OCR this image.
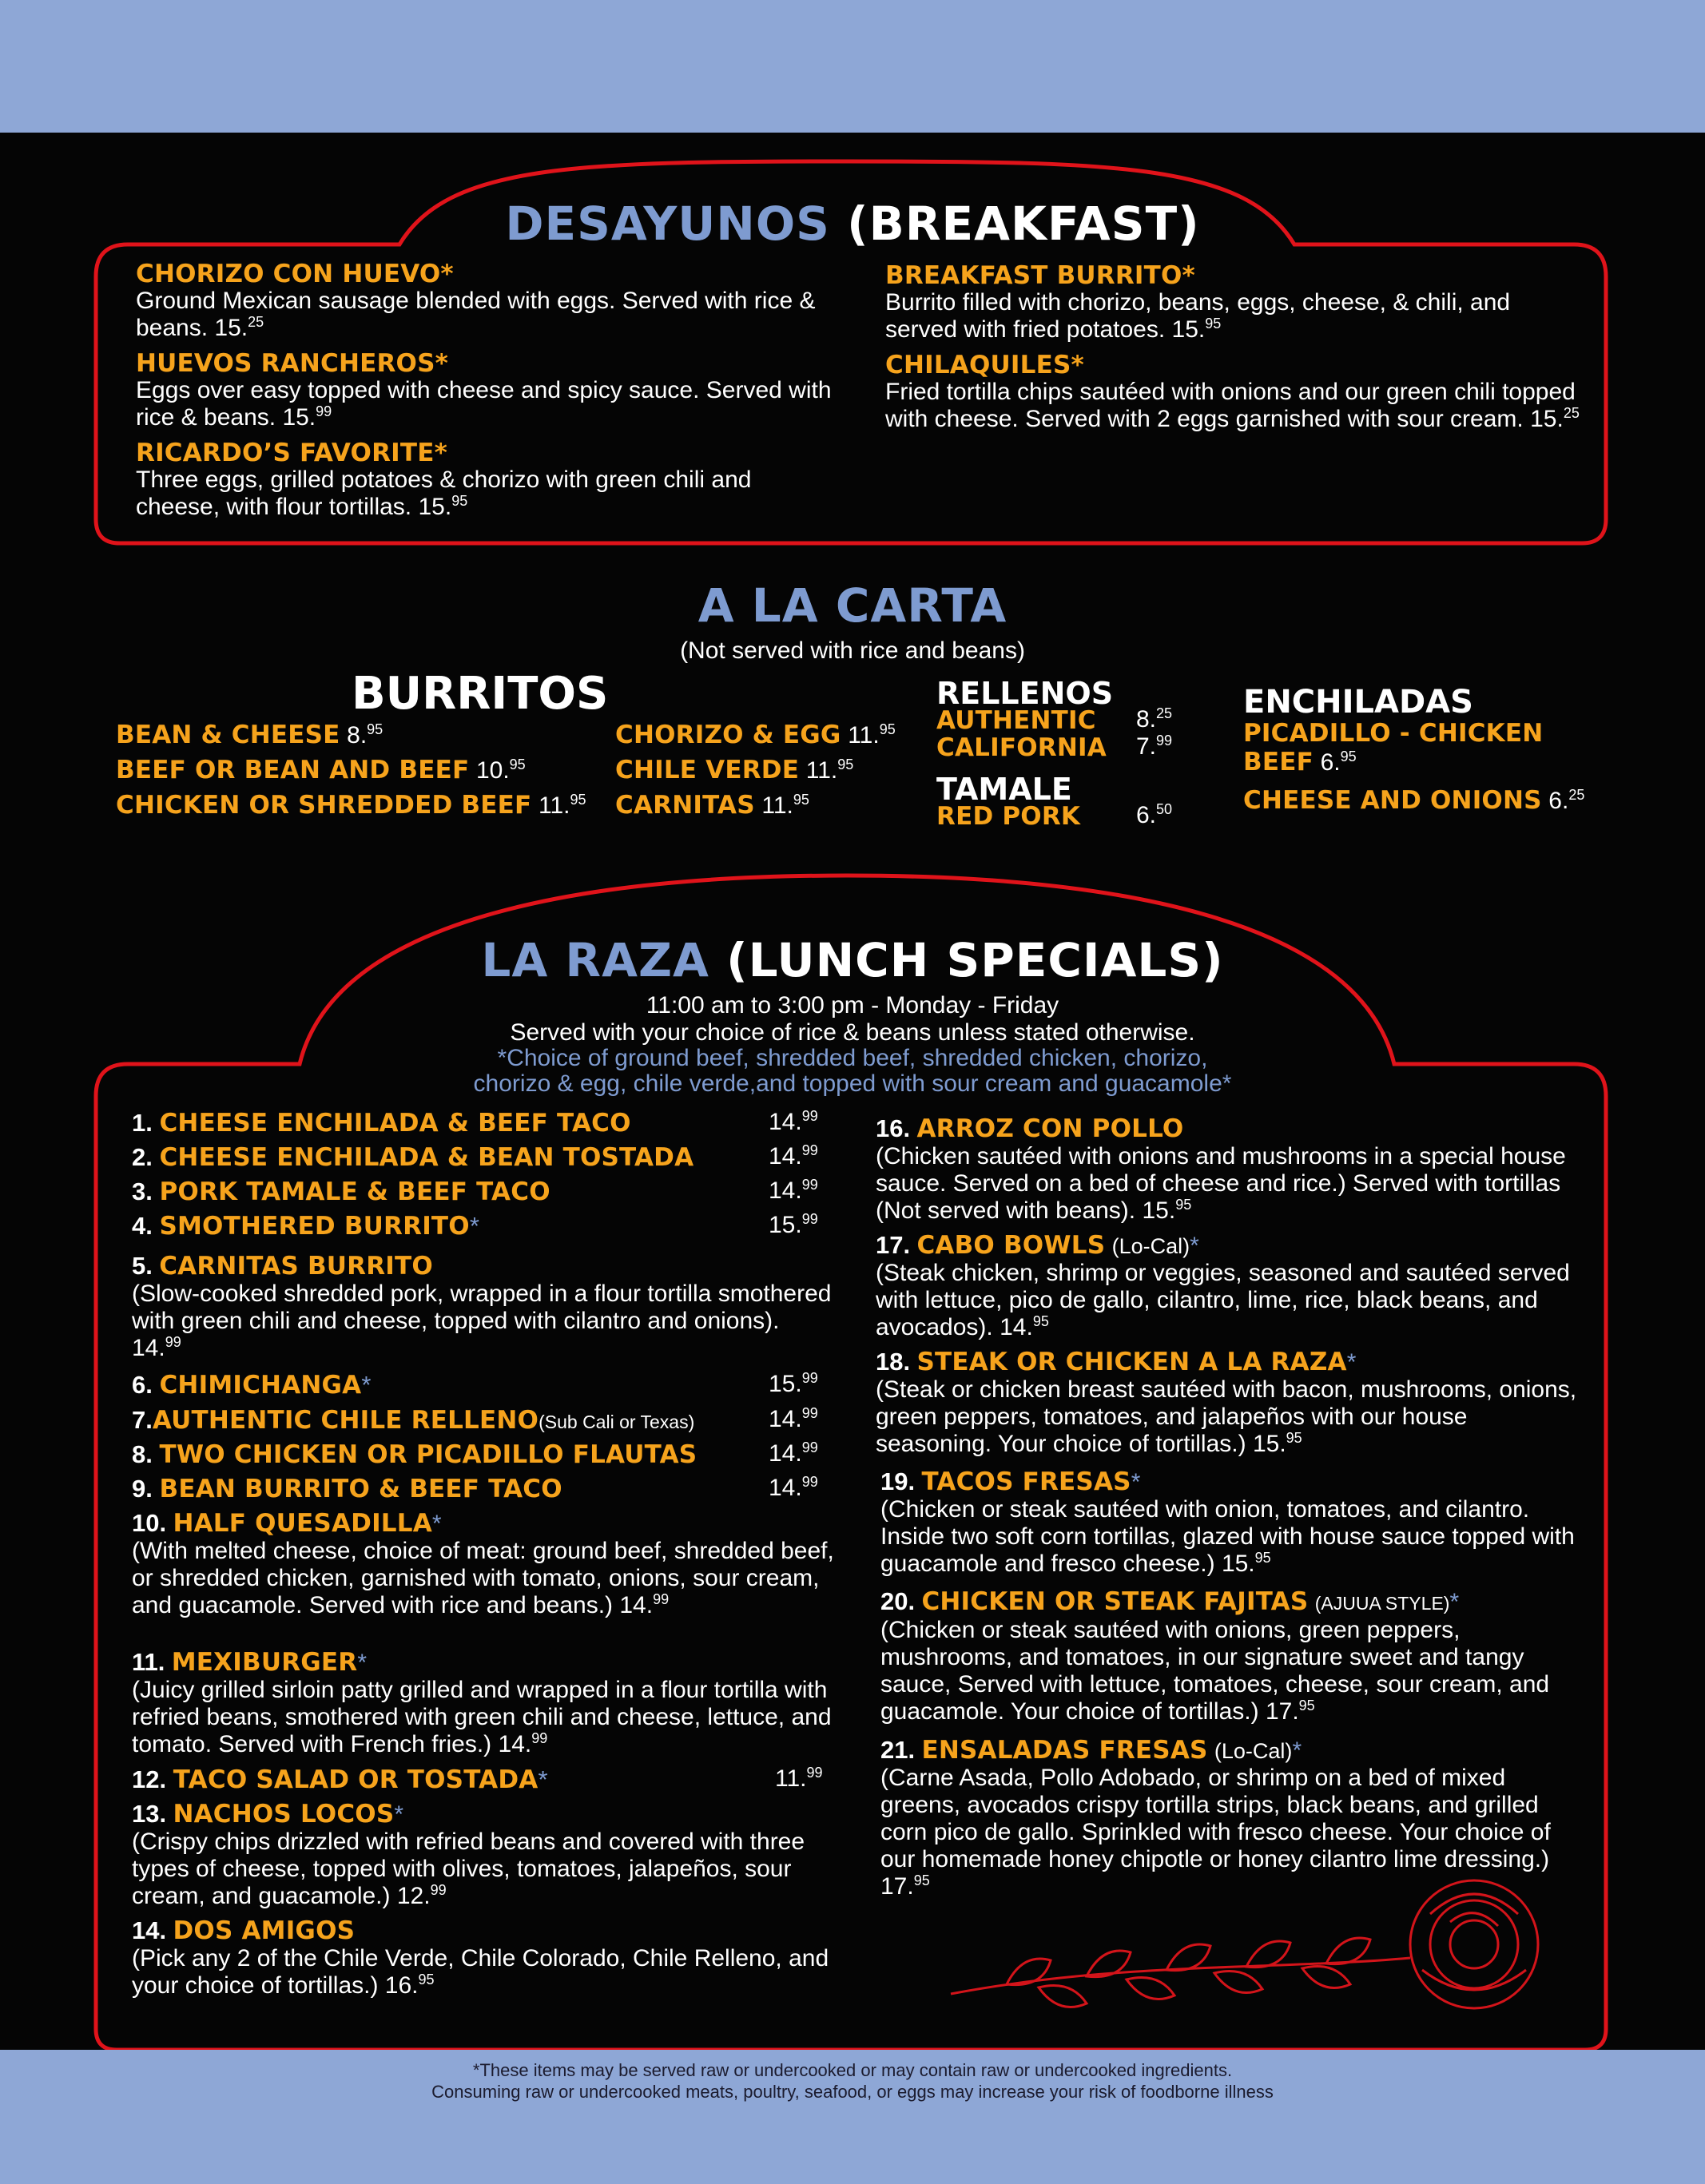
DESAYUNOS (BREAKFAST)
CHORIZO CON HUEVO*
Ground Mexican sausage blended with eggs. Served with rice & beans. 15.25
HUEVOS RANCHEROS*
Eggs over easy topped with cheese and spicy sauce. Served with rice & beans. 15.99
RICARDO’S FAVORITE*
Three eggs, grilled potatoes & chorizo with green chili and cheese, with flour tortillas. 15.95
BREAKFAST BURRITO*
Burrito filled with chorizo, beans, eggs, cheese, & chili, and served with fried potatoes. 15.95
CHILAQUILES*
Fried tortilla chips sautéed with onions and our green chili topped with cheese. Served with 2 eggs garnished with sour cream. 15.25
A LA CARTA
(Not served with rice and beans)
BURRITOS
BEAN & CHEESE 8.95
BEEF OR BEAN AND BEEF 10.95
CHICKEN OR SHREDDED BEEF 11.95
CHORIZO & EGG 11.95
CHILE VERDE 11.95
CARNITAS 11.95
RELLENOS
AUTHENTIC 8.25
CALIFORNIA 7.99
TAMALE
RED PORK 6.50
ENCHILADAS
PICADILLO - CHICKEN
BEEF 6.95
CHEESE AND ONIONS 6.25
LA RAZA (LUNCH SPECIALS)
11:00 am to 3:00 pm - Monday - Friday
Served with your choice of rice & beans unless stated otherwise.
*Choice of ground beef, shredded beef, shredded chicken, chorizo,
chorizo & egg, chile verde,and topped with sour cream and guacamole*
1. CHEESE ENCHILADA & BEEF TACO	14.99
2. CHEESE ENCHILADA & BEAN TOSTADA	14.99
3. PORK TAMALE & BEEF TACO	14.99
4. SMOTHERED BURRITO*	15.99
5. CARNITAS BURRITO
(Slow-cooked shredded pork, wrapped in a flour tortilla smothered with green chili and cheese, topped with cilantro and onions). 14.99
6. CHIMICHANGA*	15.99
7.AUTHENTIC CHILE RELLENO(Sub Cali or Texas)	14.99
8. TWO CHICKEN OR PICADILLO FLAUTAS	14.99
9. BEAN BURRITO & BEEF TACO	14.99
10. HALF QUESADILLA*
(With melted cheese, choice of meat: ground beef, shredded beef, or shredded chicken, garnished with tomato, onions, sour cream, and guacamole. Served with rice and beans.) 14.99
11. MEXIBURGER*
(Juicy grilled sirloin patty grilled and wrapped in a flour tortilla with refried beans, smothered with green chili and cheese, lettuce, and tomato. Served with French fries.) 14.99
12. TACO SALAD OR TOSTADA*	11.99
13. NACHOS LOCOS*
(Crispy chips drizzled with refried beans and covered with three types of cheese, topped with olives, tomatoes, jalapeños, sour cream, and guacamole.) 12.99
14. DOS AMIGOS
(Pick any 2 of the Chile Verde, Chile Colorado, Chile Relleno, and your choice of tortillas.) 16.95
16. ARROZ CON POLLO
(Chicken sautéed with onions and mushrooms in a special house sauce. Served on a bed of cheese and rice.) Served with tortillas (Not served with beans). 15.95
17. CABO BOWLS (Lo-Cal)*
(Steak chicken, shrimp or veggies, seasoned and sautéed served with lettuce, pico de gallo, cilantro, lime, rice, black beans, and avocados). 14.95
18. STEAK OR CHICKEN A LA RAZA*
(Steak or chicken breast sautéed with bacon, mushrooms, onions, green peppers, tomatoes, and jalapeños with our house seasoning. Your choice of tortillas.) 15.95
19. TACOS FRESAS*
(Chicken or steak sautéed with onion, tomatoes, and cilantro. Inside two soft corn tortillas, glazed with house sauce topped with guacamole and fresco cheese.) 15.95
20. CHICKEN OR STEAK FAJITAS (AJUUA STYLE)*
(Chicken or steak sautéed with onions, green peppers, mushrooms, and tomatoes, in our signature sweet and tangy sauce, Served with lettuce, tomatoes, cheese, sour cream, and guacamole. Your choice of tortillas.) 17.95
21. ENSALADAS FRESAS (Lo-Cal)*
(Carne Asada, Pollo Adobado, or shrimp on a bed of mixed greens, avocados crispy tortilla strips, black beans, and grilled corn pico de gallo. Sprinkled with fresco cheese. Your choice of our homemade honey chipotle or honey cilantro lime dressing.) 17.95
*These items may be served raw or undercooked or may contain raw or undercooked ingredients.
Consuming raw or undercooked meats, poultry, seafood, or eggs may increase your risk of foodborne illness
